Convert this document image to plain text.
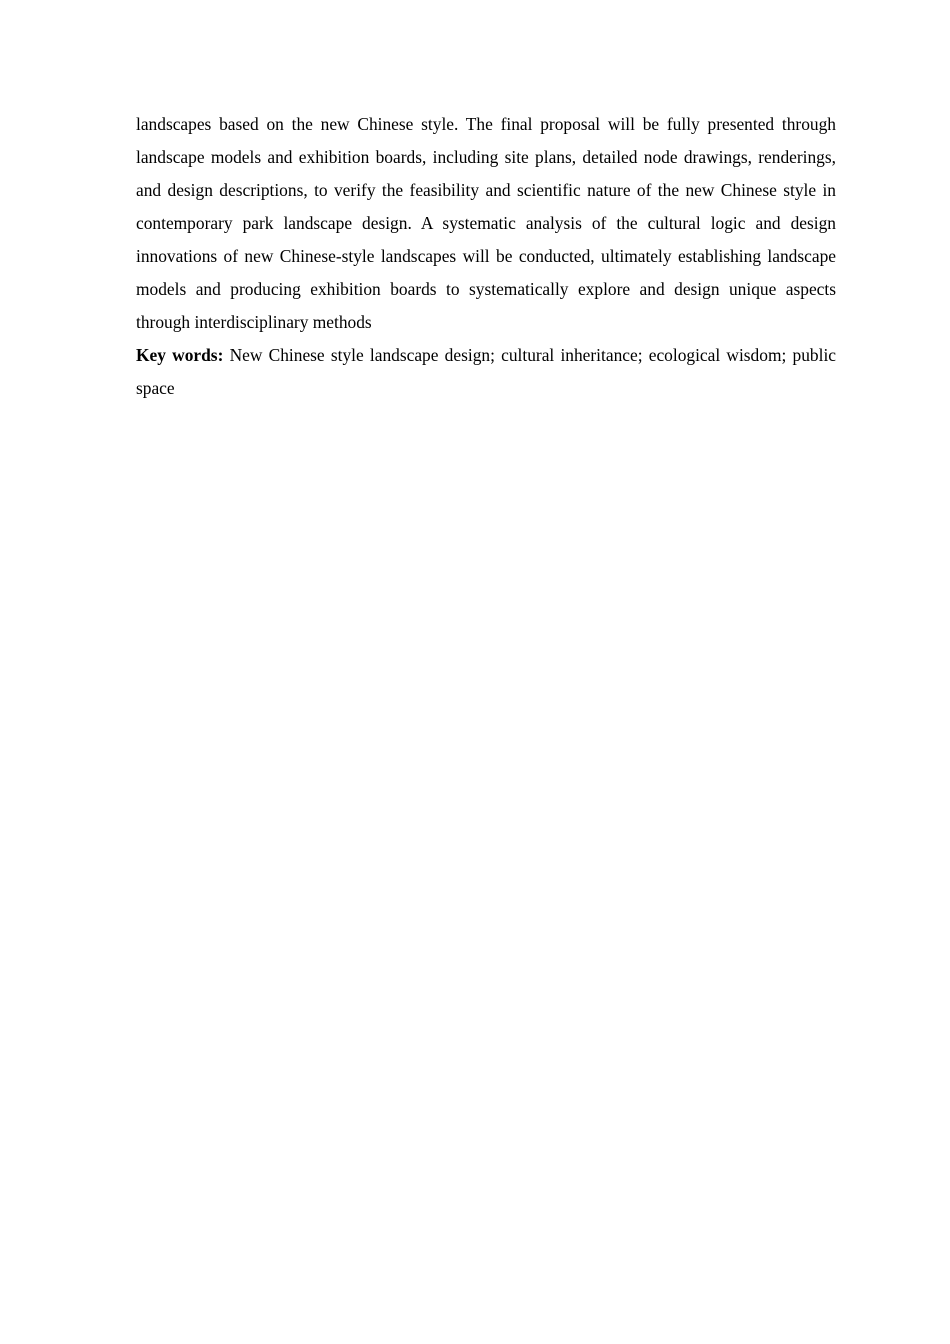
landscapes based on the new Chinese style. The final proposal will be fully presented through landscape models and exhibition boards, including site plans, detailed node drawings, renderings, and design descriptions, to verify the feasibility and scientific nature of the new Chinese style in contemporary park landscape design. A systematic analysis of the cultural logic and design innovations of new Chinese-style landscapes will be conducted, ultimately establishing landscape models and producing exhibition boards to systematically explore and design unique aspects through interdisciplinary methods

Key words: New Chinese style landscape design; cultural inheritance; ecological wisdom; public space
